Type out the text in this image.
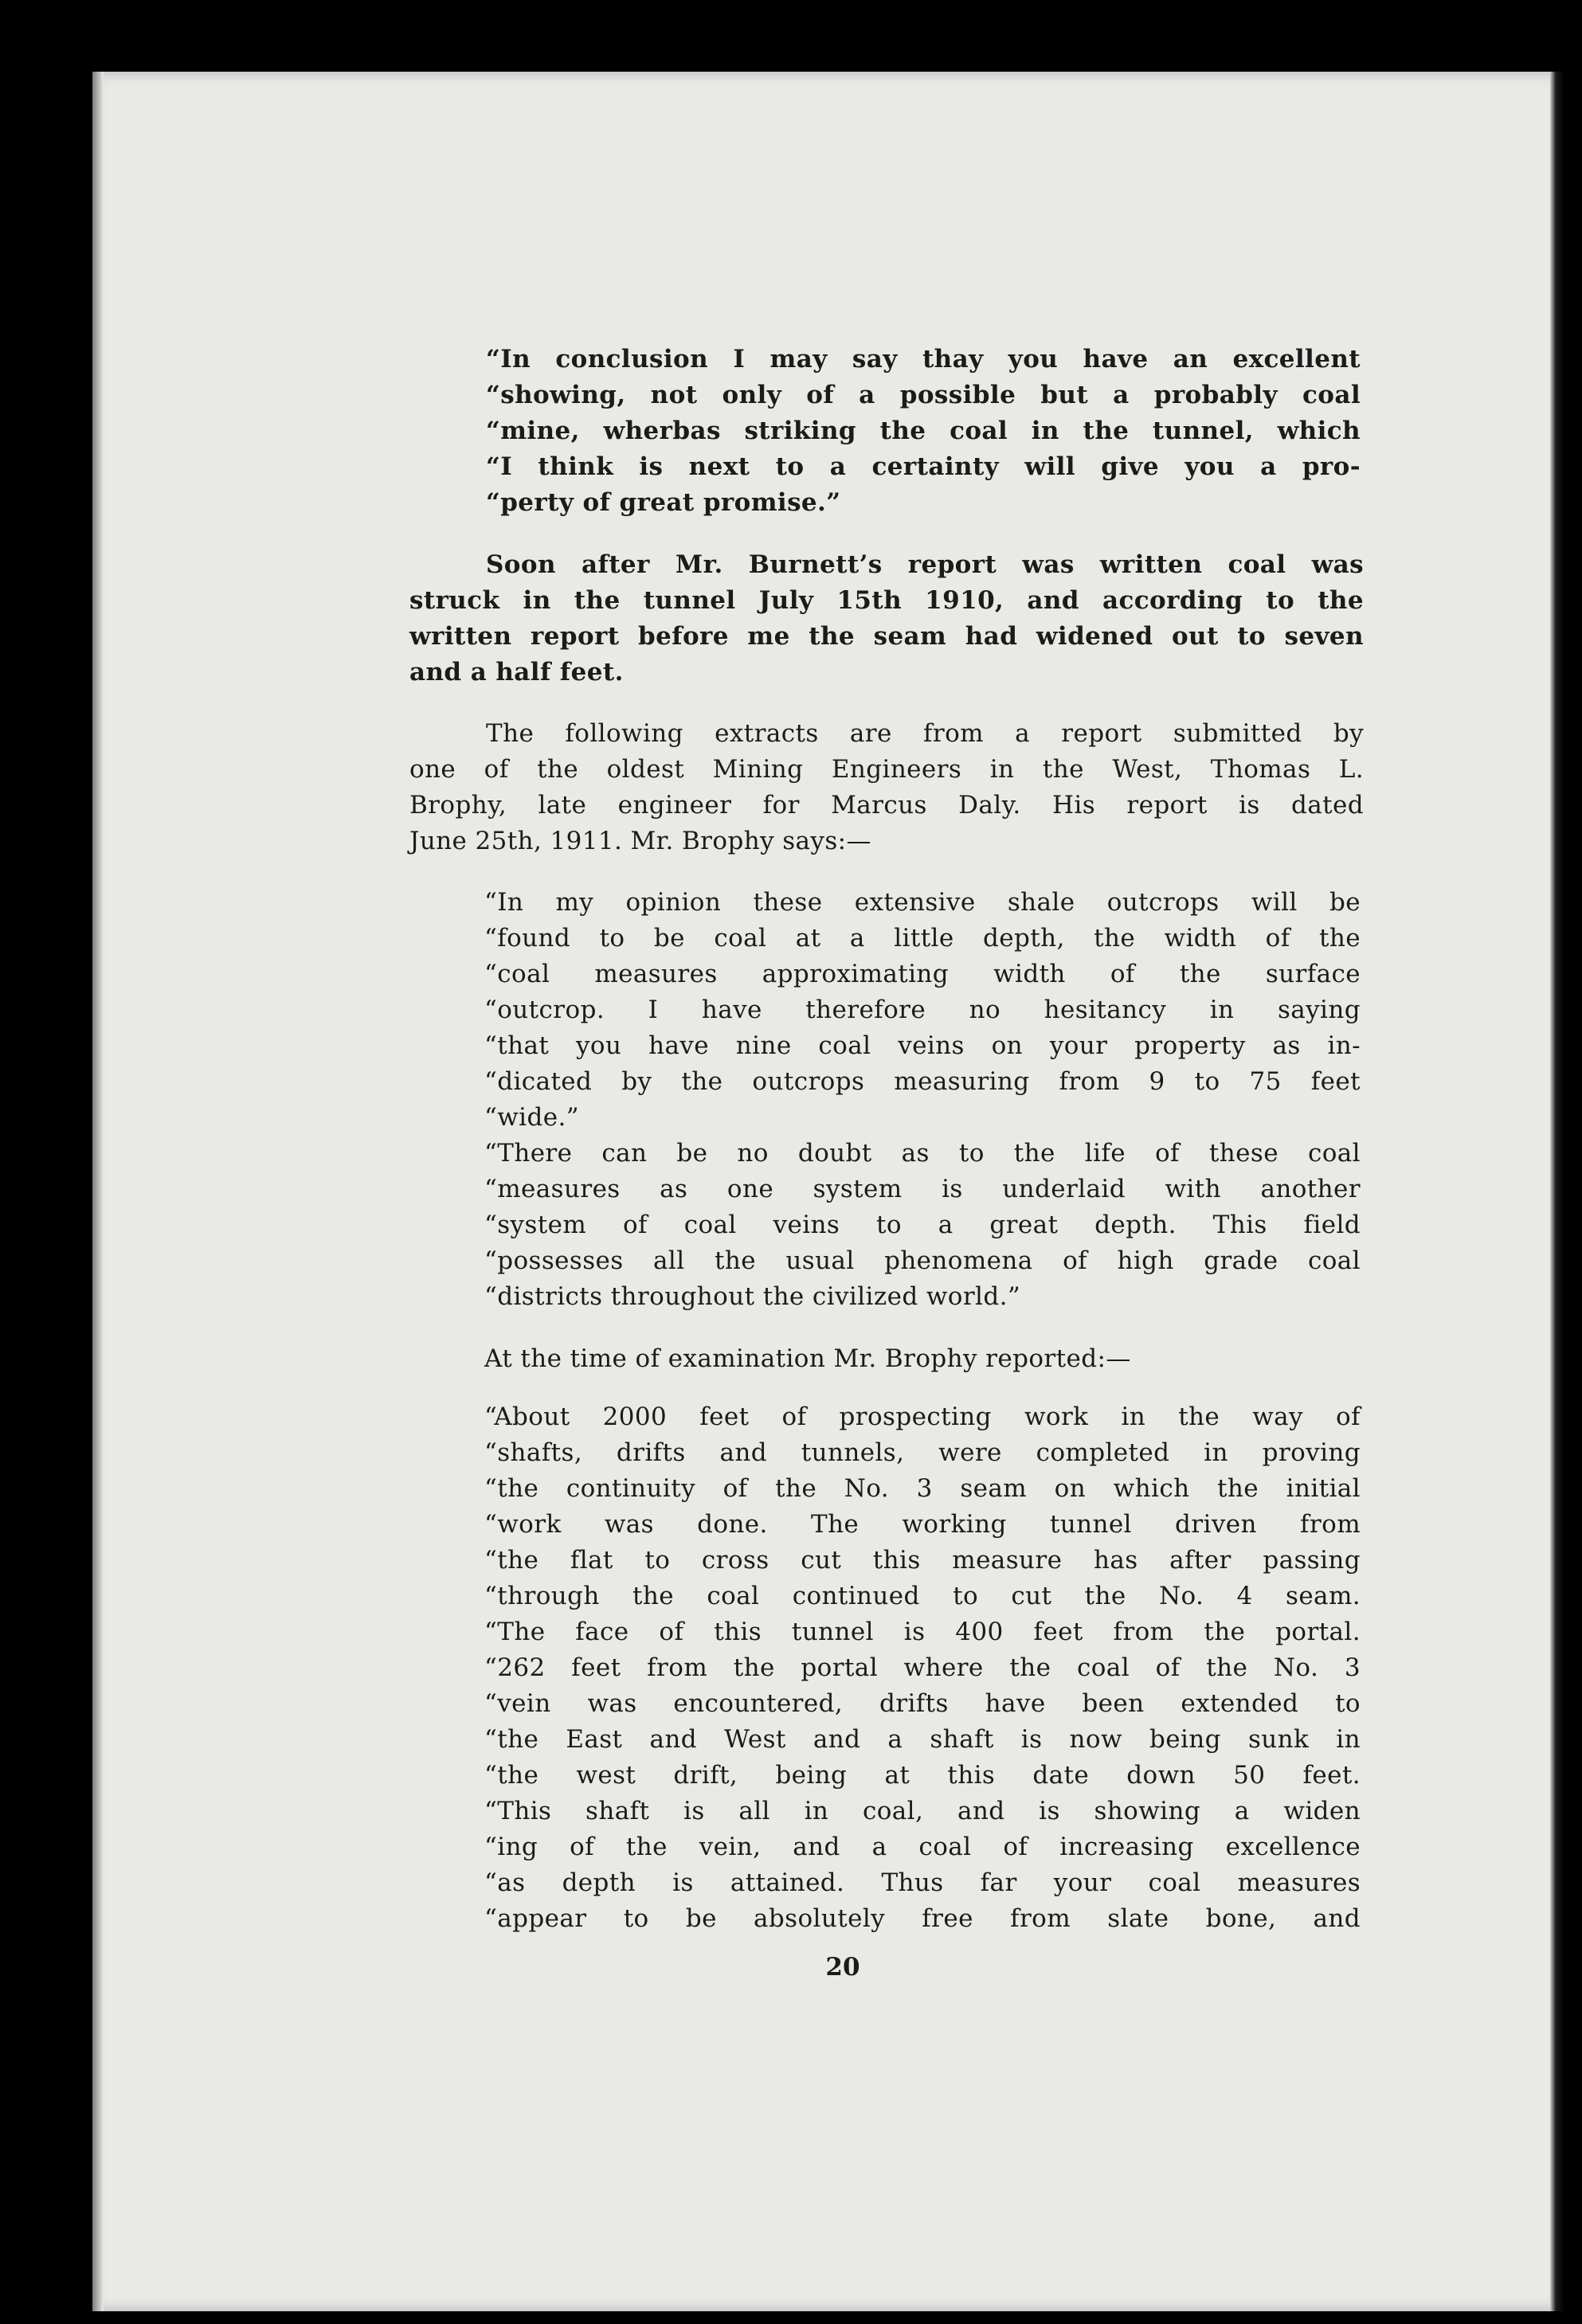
“In conclusion I may say thay you have an excellent
“showing, not only of a possible but a probably coal
“mine, wherbas striking the coal in the tunnel, which
“I think is next to a certainty will give you a pro-
“perty of great promise.”
Soon after Mr. Burnett’s report was written coal was
struck in the tunnel July 15th 1910, and according to the
written report before me the seam had widened out to seven
and a half feet.
The following extracts are from a report submitted by
one of the oldest Mining Engineers in the West, Thomas L.
Brophy, late engineer for Marcus Daly. His report is dated
June 25th, 1911. Mr. Brophy says:—
“In my opinion these extensive shale outcrops will be
“found to be coal at a little depth, the width of the
“coal measures approximating width of the surface
“outcrop. I have therefore no hesitancy in saying
“that you have nine coal veins on your property as in-
“dicated by the outcrops measuring from 9 to 75 feet
“wide.”
“There can be no doubt as to the life of these coal
“measures as one system is underlaid with another
“system of coal veins to a great depth. This field
“possesses all the usual phenomena of high grade coal
“districts throughout the civilized world.”
At the time of examination Mr. Brophy reported:—
“About 2000 feet of prospecting work in the way of
“shafts, drifts and tunnels, were completed in proving
“the continuity of the No. 3 seam on which the initial
“work was done. The working tunnel driven from
“the flat to cross cut this measure has after passing
“through the coal continued to cut the No. 4 seam.
“The face of this tunnel is 400 feet from the portal.
“262 feet from the portal where the coal of the No. 3
“vein was encountered, drifts have been extended to
“the East and West and a shaft is now being sunk in
“the west drift, being at this date down 50 feet.
“This shaft is all in coal, and is showing a widen
“ing of the vein, and a coal of increasing excellence
“as depth is attained. Thus far your coal measures
“appear to be absolutely free from slate bone, and
20
